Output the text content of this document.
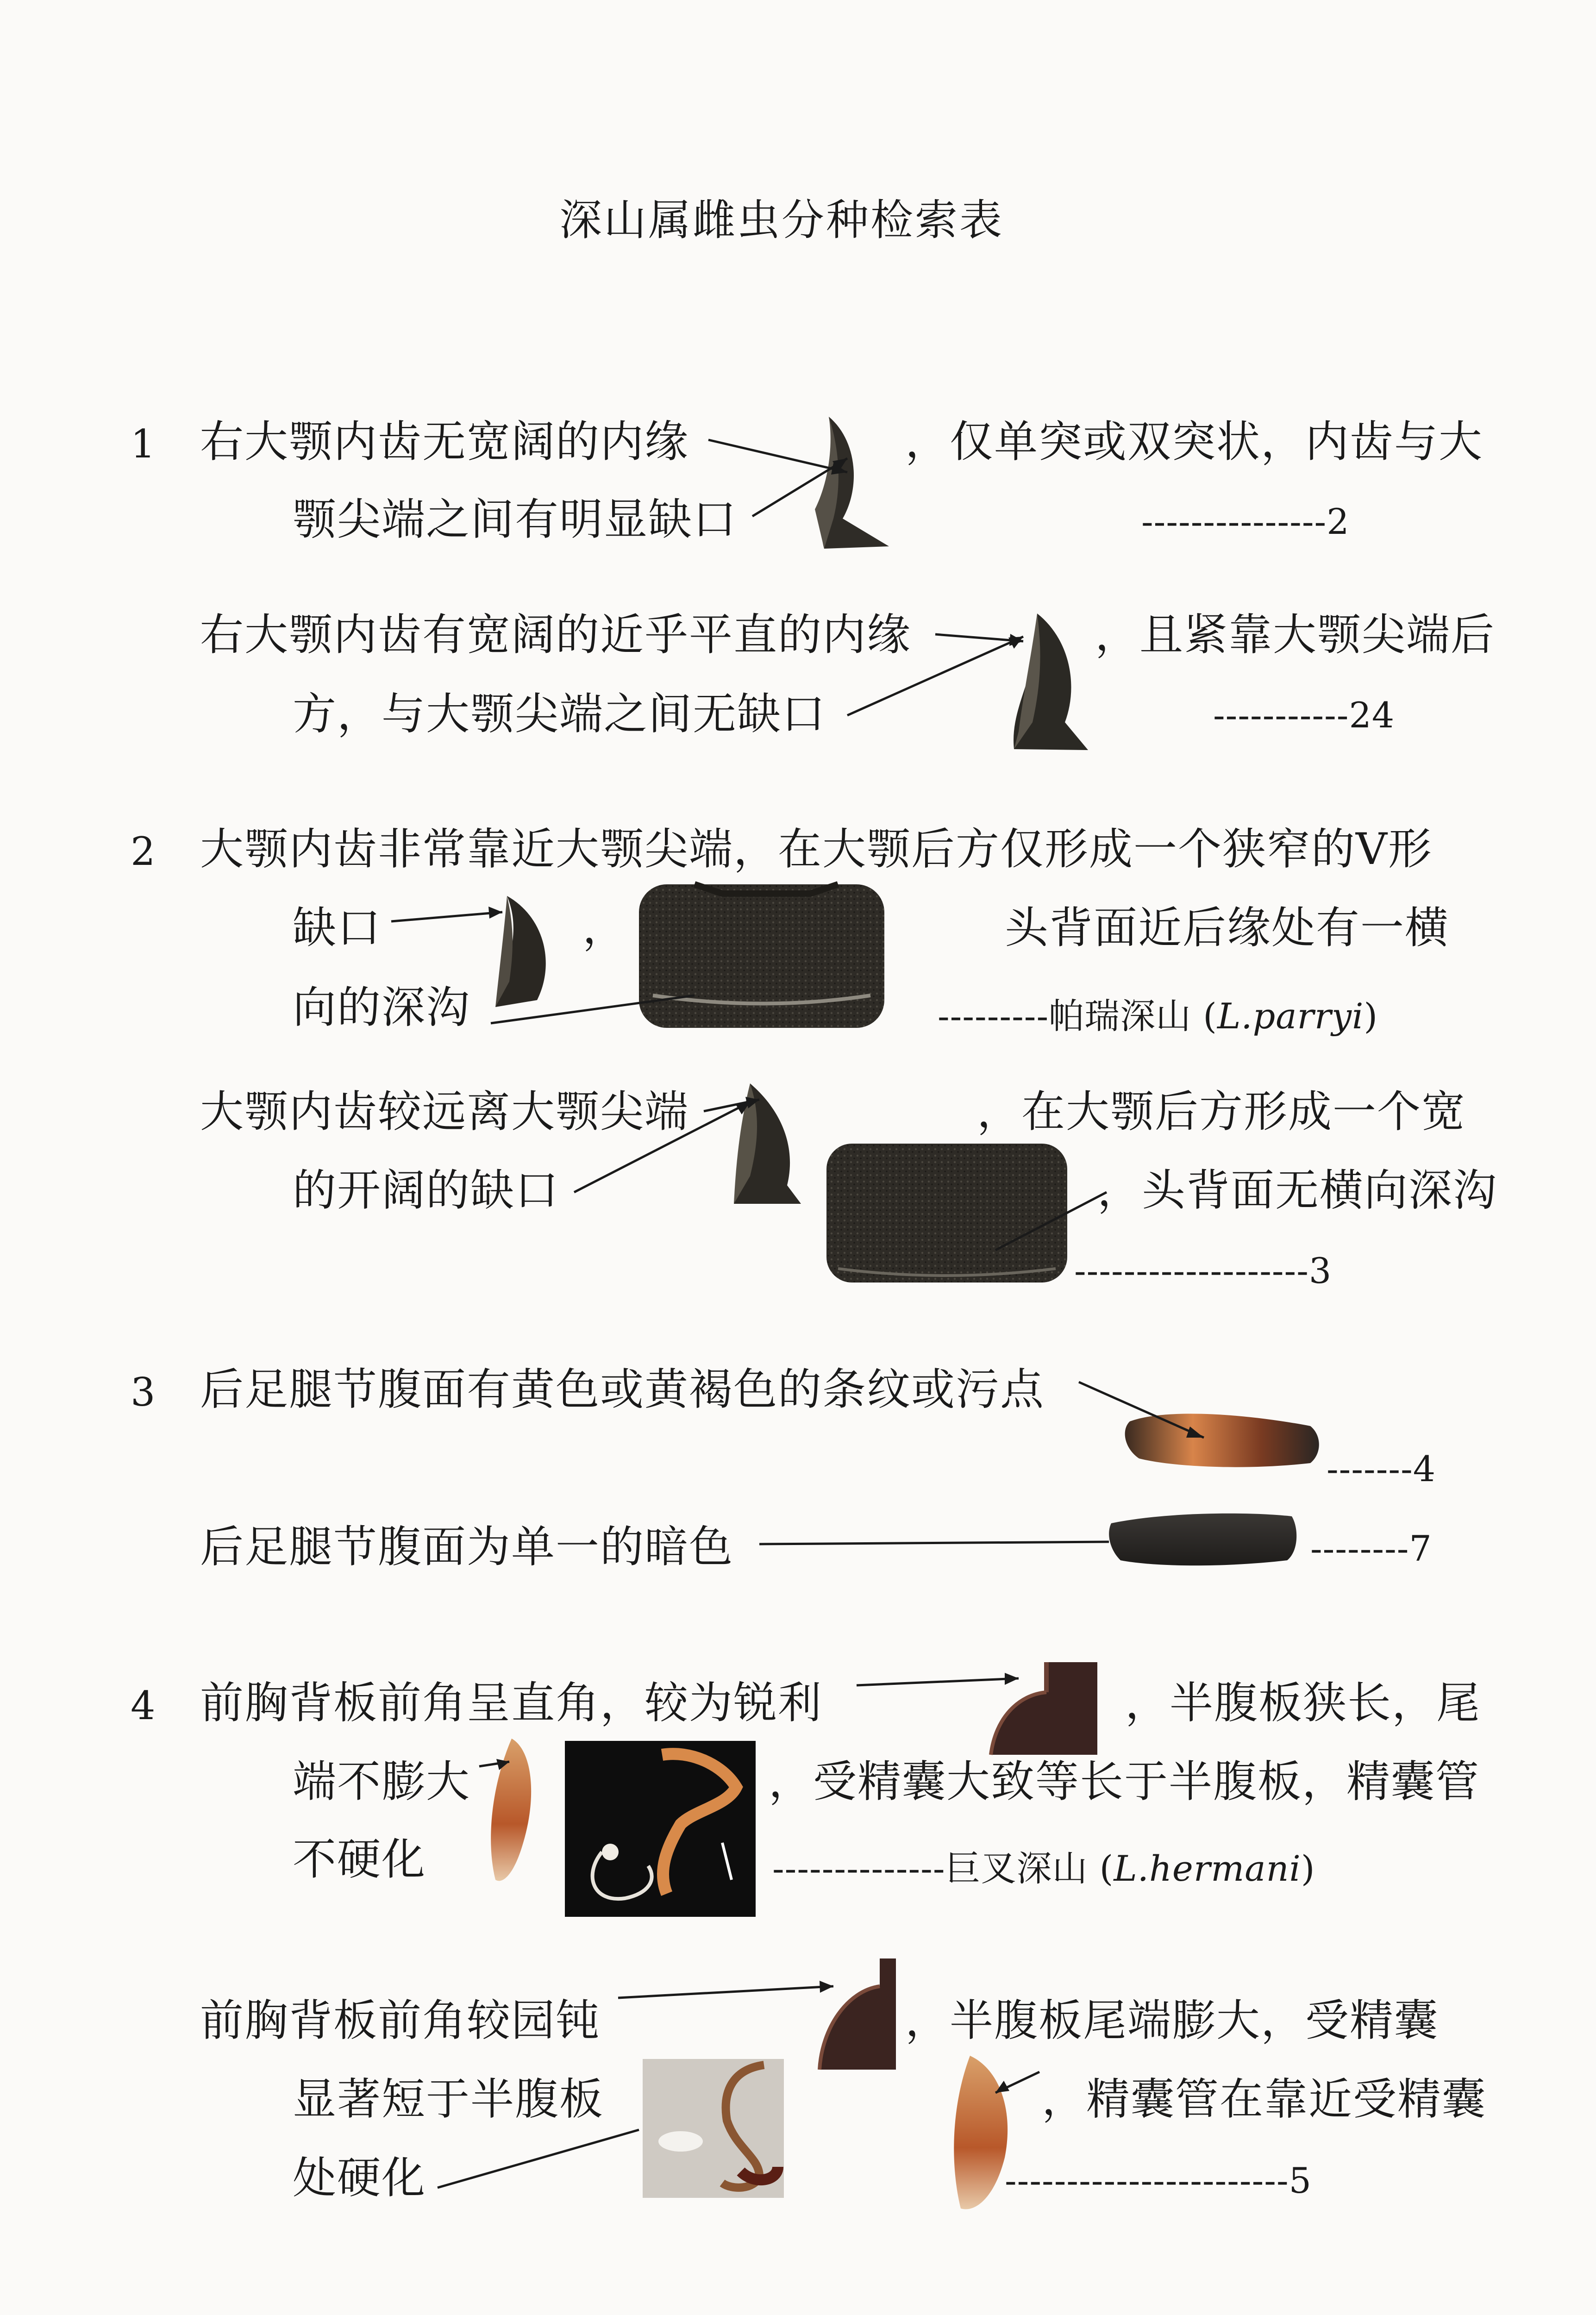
深山属雌虫分种检索表
1 右大颚内齿无宽阔的内缘	，仅单突或双突状，内齿与大
颚尖端之间有明显缺口	---------------2
右大颚内齿有宽阔的近乎平直的内缘	，且紧靠大颚尖端后
方，与大颚尖端之间无缺口	-----------24
2 大颚内齿非常靠近大颚尖端，在大颚后方仅形成一个狭窄的V形
缺口	，	头背面近后缘处有一横
向的深沟	---------帕瑞深山 (L.parryi)
大颚内齿较远离大颚尖端	，在大颚后方形成一个宽
的开阔的缺口	，头背面无横向深沟
-------------------3
3 后足腿节腹面有黄色或黄褐色的条纹或污点
-------4
后足腿节腹面为单一的暗色	--------7
4 前胸背板前角呈直角，较为锐利	，半腹板狭长，尾
端不膨大	，受精囊大致等长于半腹板，精囊管
不硬化	--------------巨叉深山 (L.hermani)
前胸背板前角较园钝	，半腹板尾端膨大，受精囊
显著短于半腹板	，精囊管在靠近受精囊
处硬化	-----------------------5
